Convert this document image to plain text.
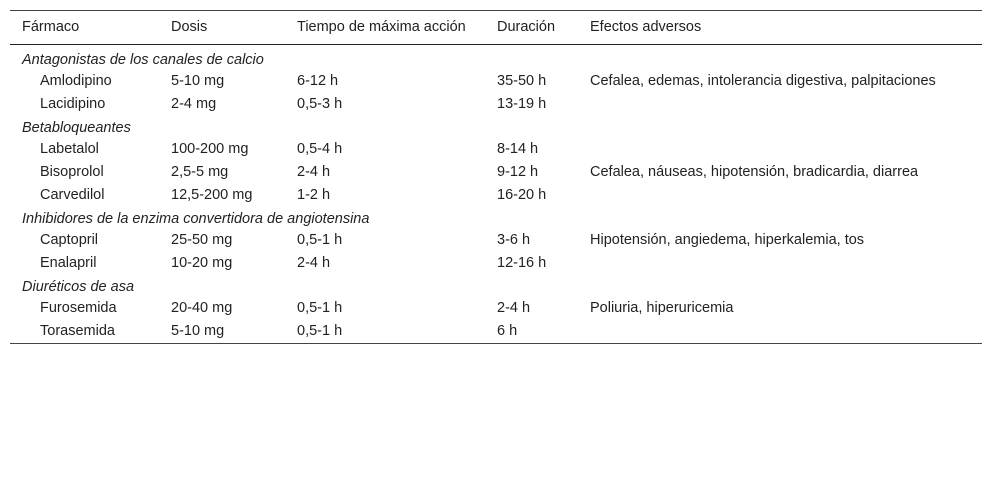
Fármaco	Dosis	Tiempo de máxima acción	Duración	Efectos adversos

Antagonistas de los canales de calcio				
Amlodipino	5-10 mg	6-12 h	35-50 h	Cefalea, edemas, intolerancia digestiva, palpitaciones
Lacidipino	2-4 mg	0,5-3 h	13-19 h	
Betabloqueantes				
Labetalol	100-200 mg	0,5-4 h	8-14 h	
Bisoprolol	2,5-5 mg	2-4 h	9-12 h	Cefalea, náuseas, hipotensión, bradicardia, diarrea
Carvedilol	12,5-200 mg	1-2 h	16-20 h	
Inhibidores de la enzima convertidora de angiotensina				
Captopril	25-50 mg	0,5-1 h	3-6 h	Hipotensión, angiedema, hiperkalemia, tos
Enalapril	10-20 mg	2-4 h	12-16 h	
Diuréticos de asa				
Furosemida	20-40 mg	0,5-1 h	2-4 h	Poliuria, hiperuricemia
Torasemida	5-10 mg	0,5-1 h	6 h	
